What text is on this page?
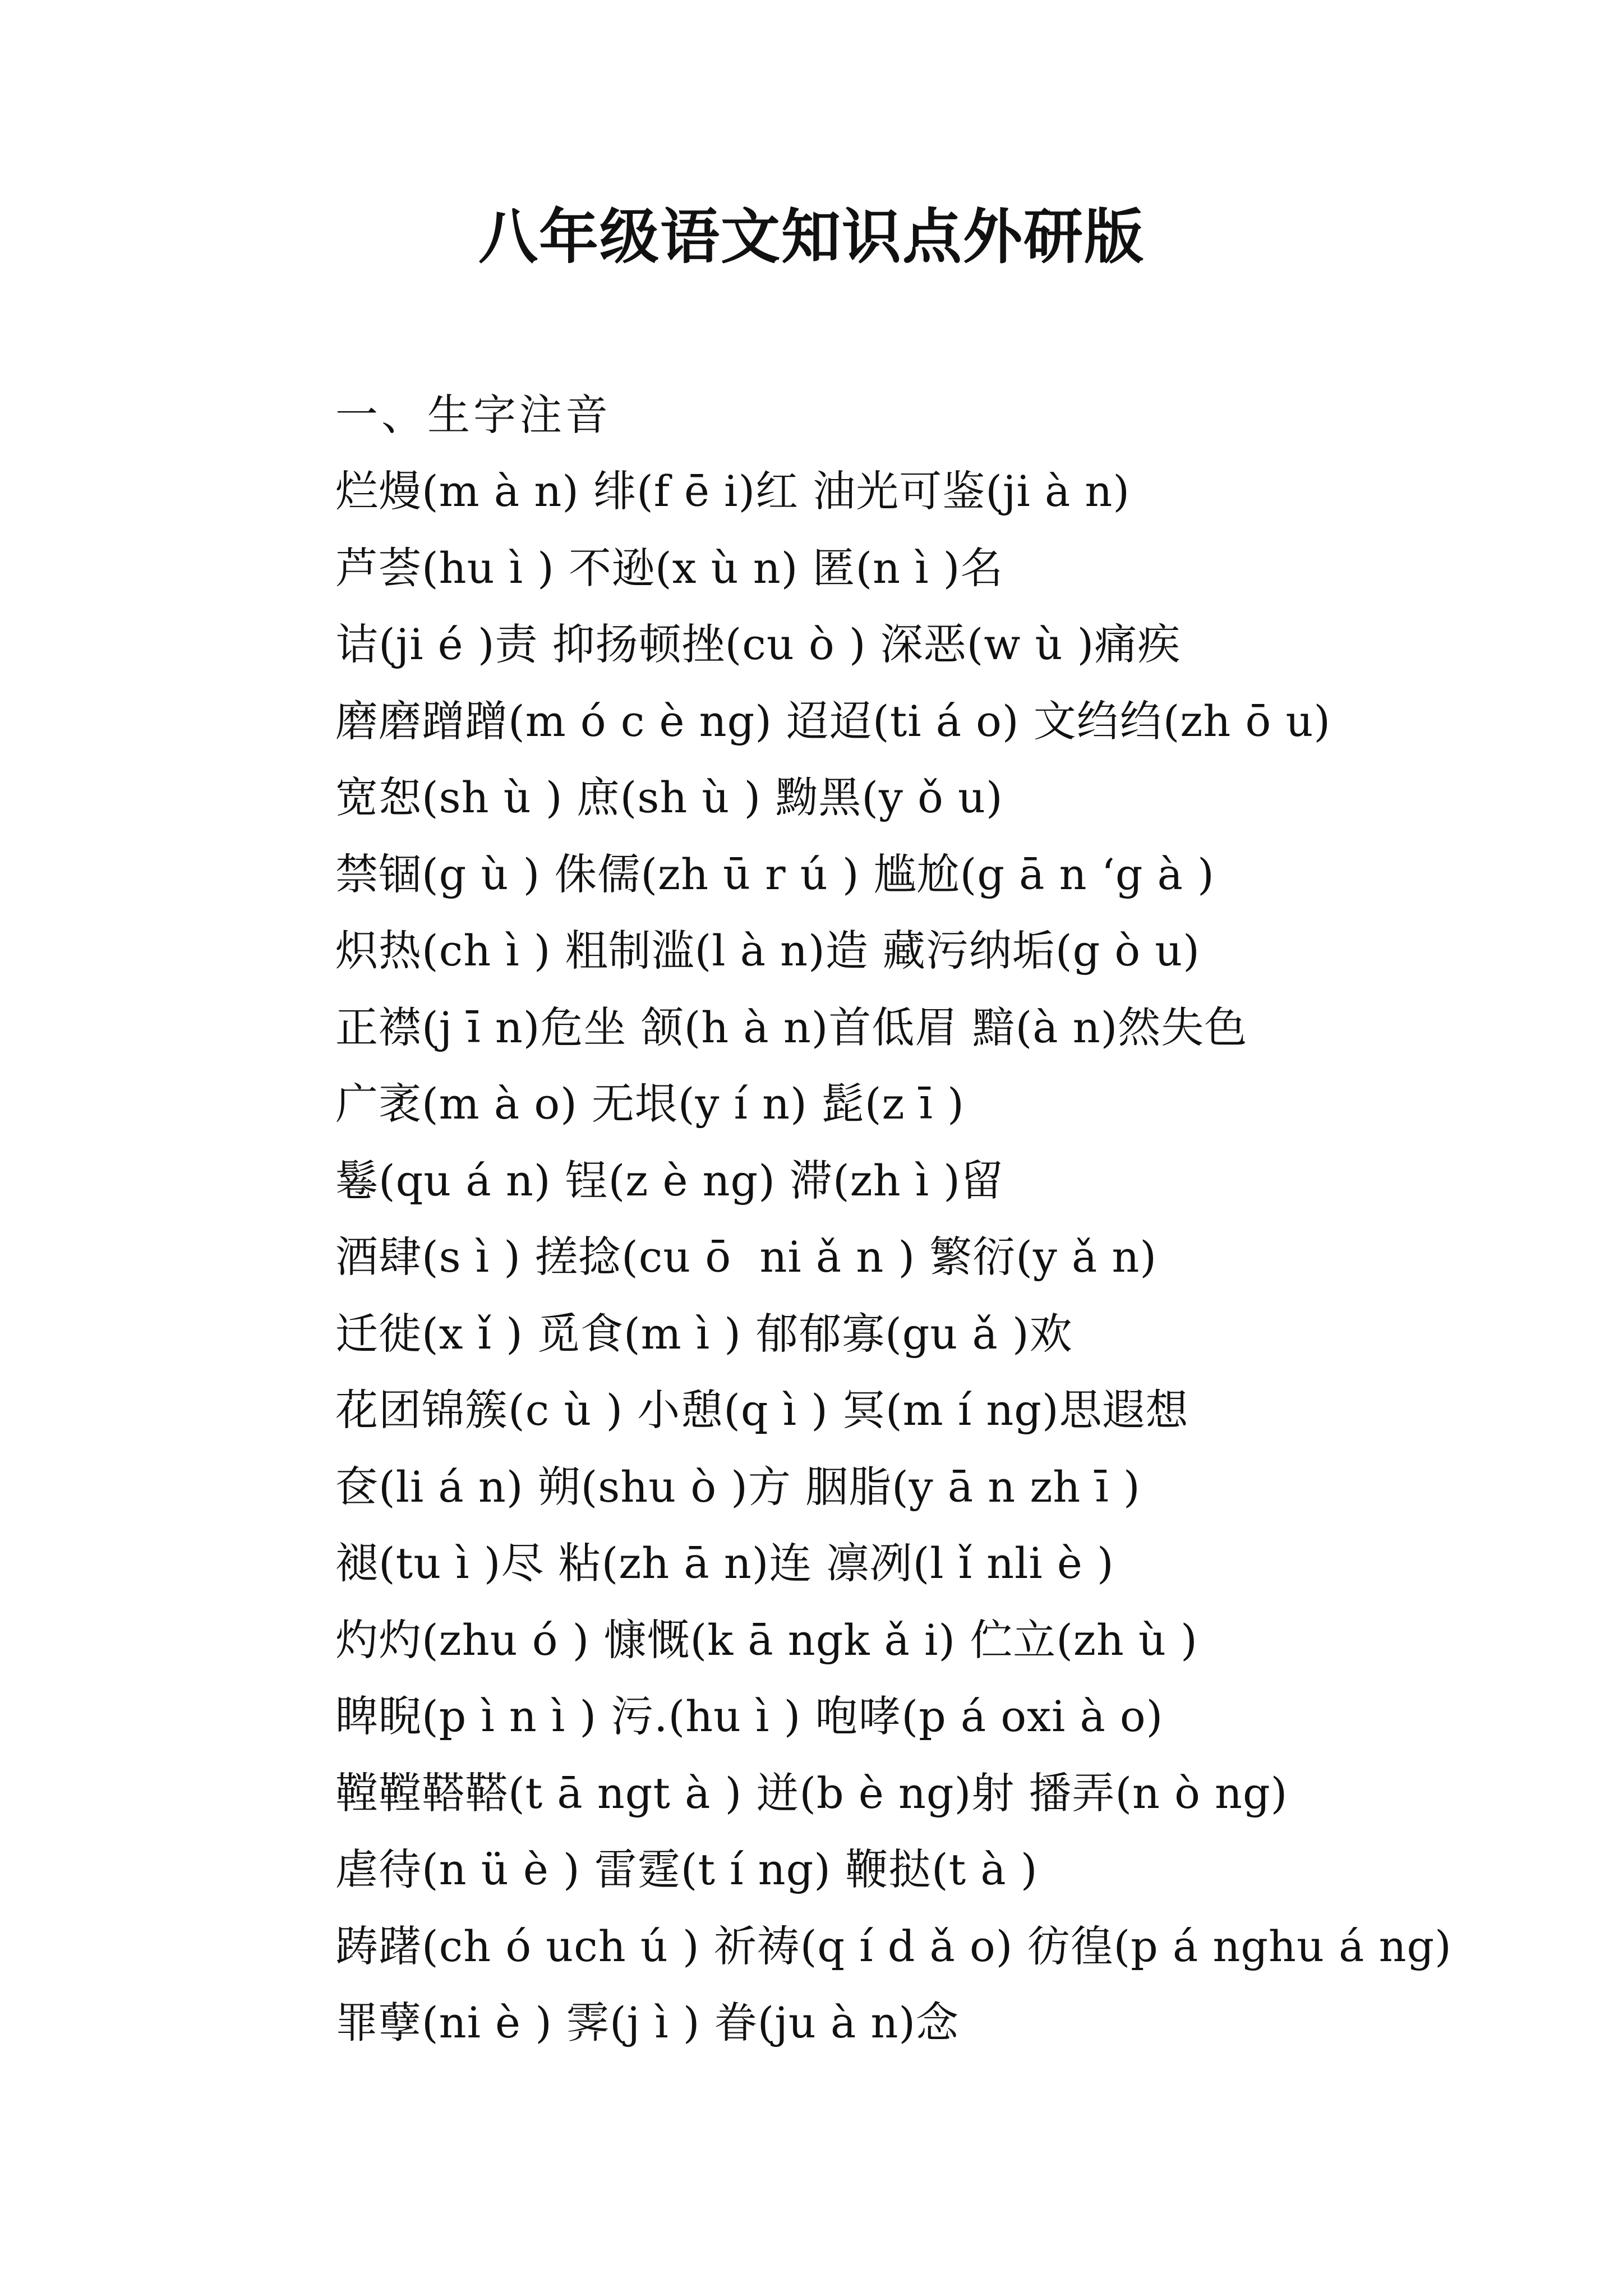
八年级语文知识点外研版
一、生字注音
烂熳(m à n) 绯(f ē i)红 油光可鉴(ji à n)
芦荟(hu ì ) 不逊(x ù n) 匿(n ì )名
诘(ji é )责 抑扬顿挫(cu ò ) 深恶(w ù )痛疾
磨磨蹭蹭(m ó c è ng) 迢迢(ti á o) 文绉绉(zh ō u)
宽恕(sh ù ) 庶(sh ù ) 黝黑(y ǒ u)
禁锢(g ù ) 侏儒(zh ū r ú ) 尴尬(g ā n ‘g à )
炽热(ch ì ) 粗制滥(l à n)造 藏污纳垢(g ò u)
正襟(j ī n)危坐 颔(h à n)首低眉 黯(à n)然失色
广袤(m à o) 无垠(y í n) 髭(z ī )
鬈(qu á n) 锃(z è ng) 滞(zh ì )留
酒肆(s ì ) 搓捻(cu ō  ni ǎ n ) 繁衍(y ǎ n)
迁徙(x ǐ ) 觅食(m ì ) 郁郁寡(gu ǎ )欢
花团锦簇(c ù ) 小憩(q ì ) 冥(m í ng)思遐想
奁(li á n) 朔(shu ò )方 胭脂(y ā n zh ī )
褪(tu ì )尽 粘(zh ā n)连 凛冽(l ǐ nli è )
灼灼(zhu ó ) 慷慨(k ā ngk ǎ i) 伫立(zh ù )
睥睨(p ì n ì ) 污.(hu ì ) 咆哮(p á oxi à o)
鞺鞺鞳鞳(t ā ngt à ) 迸(b è ng)射 播弄(n ò ng)
虐待(n ü è ) 雷霆(t í ng) 鞭挞(t à )
踌躇(ch ó uch ú ) 祈祷(q í d ǎ o) 彷徨(p á nghu á ng)
罪孽(ni è ) 霁(j ì ) 眷(ju à n)念
